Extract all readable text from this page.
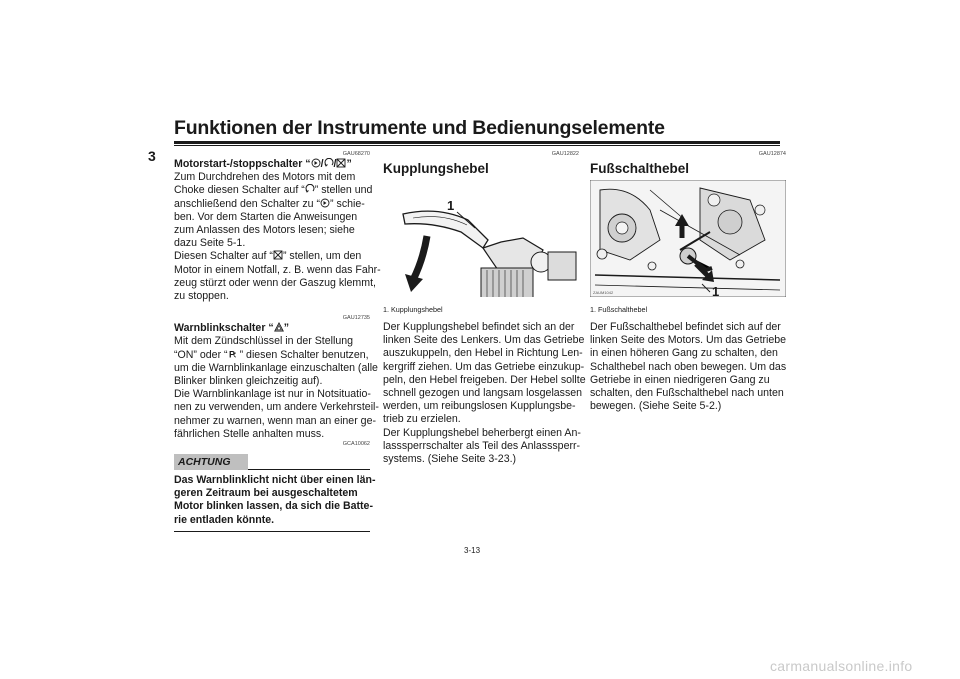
Funktionen der Instrumente und Bedienungselemente
3	GAU68270
Motorstart-/stoppschalter “ / / ”
Zum Durchdrehen des Motors mit dem
Choke diesen Schalter auf “ ” stellen und
anschließend den Schalter zu “ ” schie-
ben. Vor dem Starten die Anweisungen
zum Anlassen des Motors lesen; siehe
dazu Seite 5-1.
Diesen Schalter auf “ ” stellen, um den
Motor in einem Notfall, z. B. wenn das Fahr-
zeug stürzt oder wenn der Gaszug klemmt,
zu stoppen.
GAU12735
Warnblinkschalter “ ”
Mit dem Zündschlüssel in der Stellung
“ON” oder “ P ” diesen Schalter benutzen,
um die Warnblinkanlage einzuschalten (alle
Blinker blinken gleichzeitig auf).
Die Warnblinkanlage ist nur in Notsituatio-
nen zu verwenden, um andere Verkehrsteil-
nehmer zu warnen, wenn man an einer ge-
fährlichen Stelle anhalten muss.
GCA10062
ACHTUNG
Das Warnblinklicht nicht über einen län-
geren Zeitraum bei ausgeschaltetem
Motor blinken lassen, da sich die Batte-
rie entladen könnte.
GAU12822
Kupplungshebel
1
1. Kupplungshebel
Der Kupplungshebel befindet sich an der
linken Seite des Lenkers. Um das Getriebe
auszukuppeln, den Hebel in Richtung Len-
kergriff ziehen. Um das Getriebe einzukup-
peln, den Hebel freigeben. Der Hebel sollte
schnell gezogen und langsam losgelassen
werden, um reibungslosen Kupplungsbe-
trieb zu erzielen.
Der Kupplungshebel beherbergt einen An-
lasssperrschalter als Teil des Anlasssperr-
systems. (Siehe Seite 3-23.)
GAU12874
Fußschalthebel
1
ZAUM1042
1. Fußschalthebel
Der Fußschalthebel befindet sich auf der
linken Seite des Motors. Um das Getriebe
in einen höheren Gang zu schalten, den
Schalthebel nach oben bewegen. Um das
Getriebe in einen niedrigeren Gang zu
schalten, den Fußschalthebel nach unten
bewegen. (Siehe Seite 5-2.)
3-13
carmanualsonline.info
